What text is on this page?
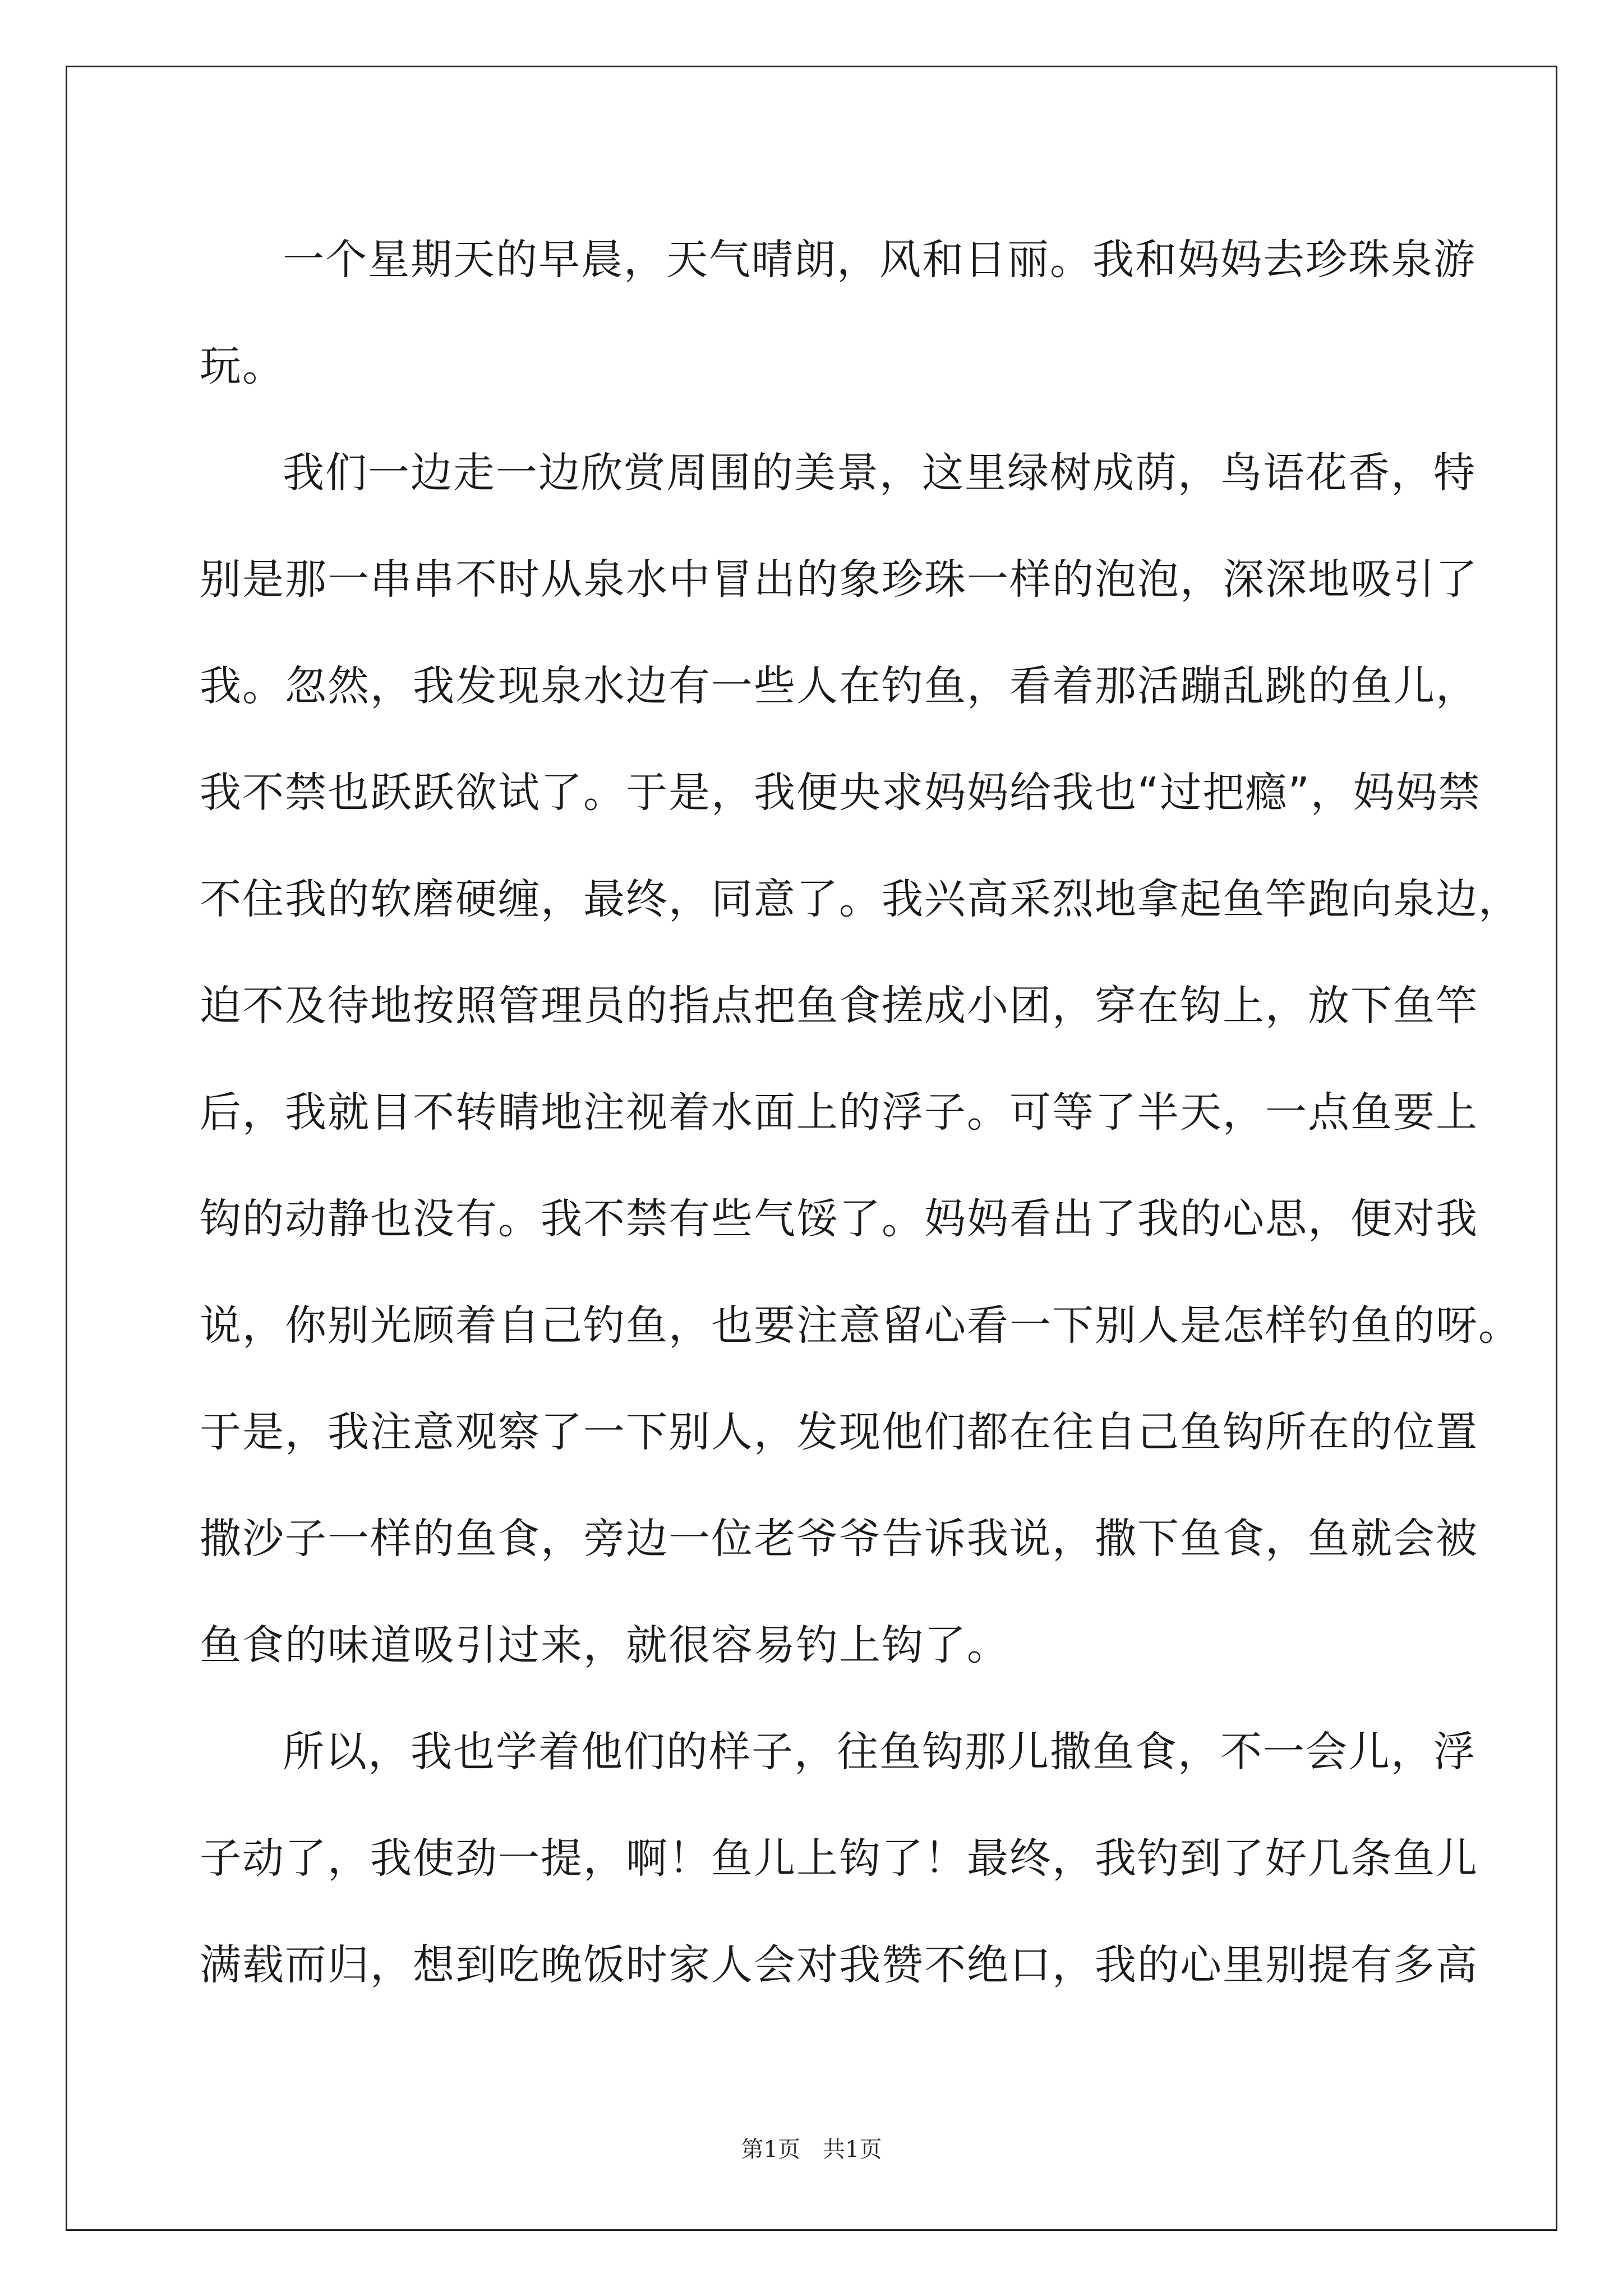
一个星期天的早晨，天气晴朗，风和日丽。我和妈妈去珍珠泉游
玩。
我们一边走一边欣赏周围的美景，这里绿树成荫，鸟语花香，特
别是那一串串不时从泉水中冒出的象珍珠一样的泡泡，深深地吸引了
我。忽然，我发现泉水边有一些人在钓鱼，看着那活蹦乱跳的鱼儿，
我不禁也跃跃欲试了。于是，我便央求妈妈给我也“过把瘾”，妈妈禁
不住我的软磨硬缠，最终，同意了。我兴高采烈地拿起鱼竿跑向泉边，
迫不及待地按照管理员的指点把鱼食搓成小团，穿在钩上，放下鱼竿
后，我就目不转睛地注视着水面上的浮子。可等了半天，一点鱼要上
钩的动静也没有。我不禁有些气馁了。妈妈看出了我的心思，便对我
说，你别光顾着自己钓鱼，也要注意留心看一下别人是怎样钓鱼的呀。
于是，我注意观察了一下别人，发现他们都在往自己鱼钩所在的位置
撒沙子一样的鱼食，旁边一位老爷爷告诉我说，撒下鱼食，鱼就会被
鱼食的味道吸引过来，就很容易钓上钩了。
所以，我也学着他们的样子，往鱼钩那儿撒鱼食，不一会儿，浮
子动了，我使劲一提，啊！鱼儿上钩了！最终，我钓到了好几条鱼儿
满载而归，想到吃晚饭时家人会对我赞不绝口，我的心里别提有多高
第1页　共1页
